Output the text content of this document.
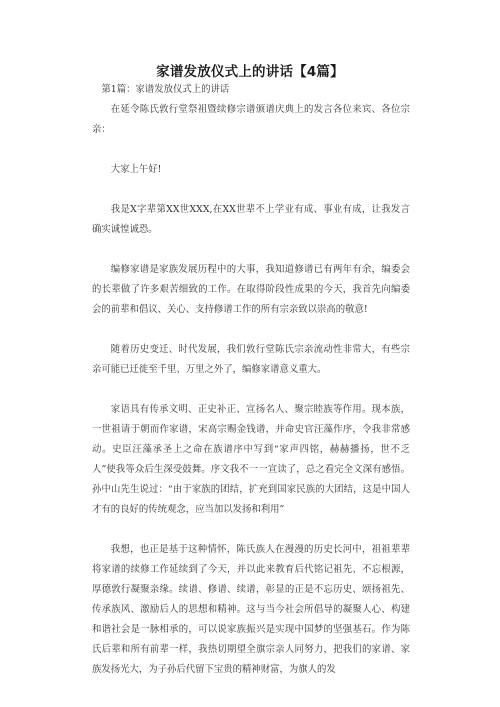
家谱发放仪式上的讲话【4篇】

第1篇：家谱发放仪式上的讲话

在延令陈氏敦行堂祭祖暨续修宗谱颁谱庆典上的发言各位来宾、各位宗亲：

大家上午好!

我是X字辈第XX世XXX,在XX世辈不上学业有成、事业有成，让我发言确实诚惶诚恐。

编修家谱是家族发展历程中的大事，我知道修谱已有两年有余，编委会的长辈做了许多艰苦细致的工作。在取得阶段性成果的今天，我首先向编委会的前辈和倡议、关心、支持修谱工作的所有宗亲致以崇高的敬意!

随着历史变迁、时代发展，我们敦行堂陈氏宗亲流动性非常大，有些宗亲可能已迁徙至千里、万里之外了，编修家谱意义重大。

家语具有传承文明、正史补正、宣扬名人、聚宗睦族等作用。现本族，一世祖请于朝而作家谱，宋高宗赐金钱谱，并命史官汪藻作序，令我非常感动。史臣汪藻承圣上之命在族谱序中写到“家声四铭，赫赫播扬，世不乏人”使我等众后生深受鼓舞。序文我不一一宣读了，总之看完全文深有感悟。孙中山先生说过：“由于家族的团结，扩充到国家民族的大团结，这是中国人才有的良好的传统观念，应当加以发扬和利用”

我想，也正是基于这种情怀，陈氏族人在漫漫的历史长河中，祖祖辈辈将家谱的续修工作延续到了今天，并以此来教育后代铭记祖先、不忘根源，厚德敦行凝聚亲缘。续谱、修谱、续谱，彰显的正是不忘历史、颂扬祖先、传承族风、激励后人的思想和精神。这与当今社会所倡导的凝聚人心、构建和谐社会是一脉相承的，可以说家族振兴是实现中国梦的坚强基石。作为陈氏后辈和所有前辈一样，我热切期望全旗宗亲人同努力，把我们的家谱、家族发扬光大，为子孙后代留下宝贵的精神财富，为旗人的发
